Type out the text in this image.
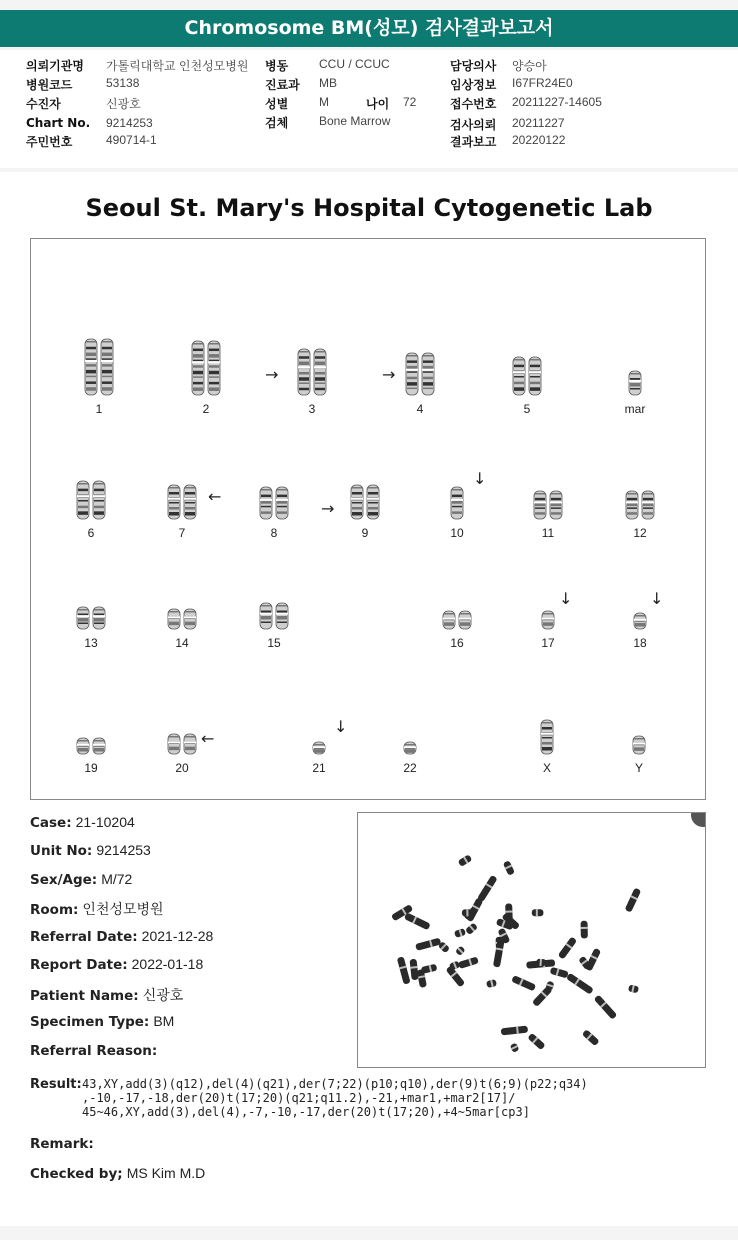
Chromosome BM(성모) 검사결과보고서
의뢰기관명 가톨릭대학교 인천성모병원
병원코드	53138
수진자	신광호
Chart No. 9214253
주민번호	490714-1
병동	CCU / CCUC
진료과 MB
성별	M	나이 72
검체	Bone Marrow
담당의사 양승아
임상정보 I67FR24E0
접수번호 20211227-14605
검사의뢰 20211227
결과보고 20220122
Seoul St. Mary's Hospital Cytogenetic Lab
1	2	3	4	5	mar
6	7	8	9	10	11	12
13	14	15	16	17	18
19	20	21	22	X	Y
→	→
←
→
↓
↓	↓
←
↓
Case: 21-10204
Unit No: 9214253
Sex/Age: M/72
Room: 인천성모병원
Referral Date: 2021-12-28
Report Date: 2022-01-18
Patient Name: 신광호
Specimen Type: BM
Referral Reason:
Result: 43,XY,add(3)(q12),del(4)(q21),der(7;22)(p10;q10),der(9)t(6;9)(p22;q34)
,-10,-17,-18,der(20)t(17;20)(q21;q11.2),-21,+mar1,+mar2[17]/
45~46,XY,add(3),del(4),-7,-10,-17,der(20)t(17;20),+4~5mar[cp3]
Remark:
Checked by; MS Kim M.D
